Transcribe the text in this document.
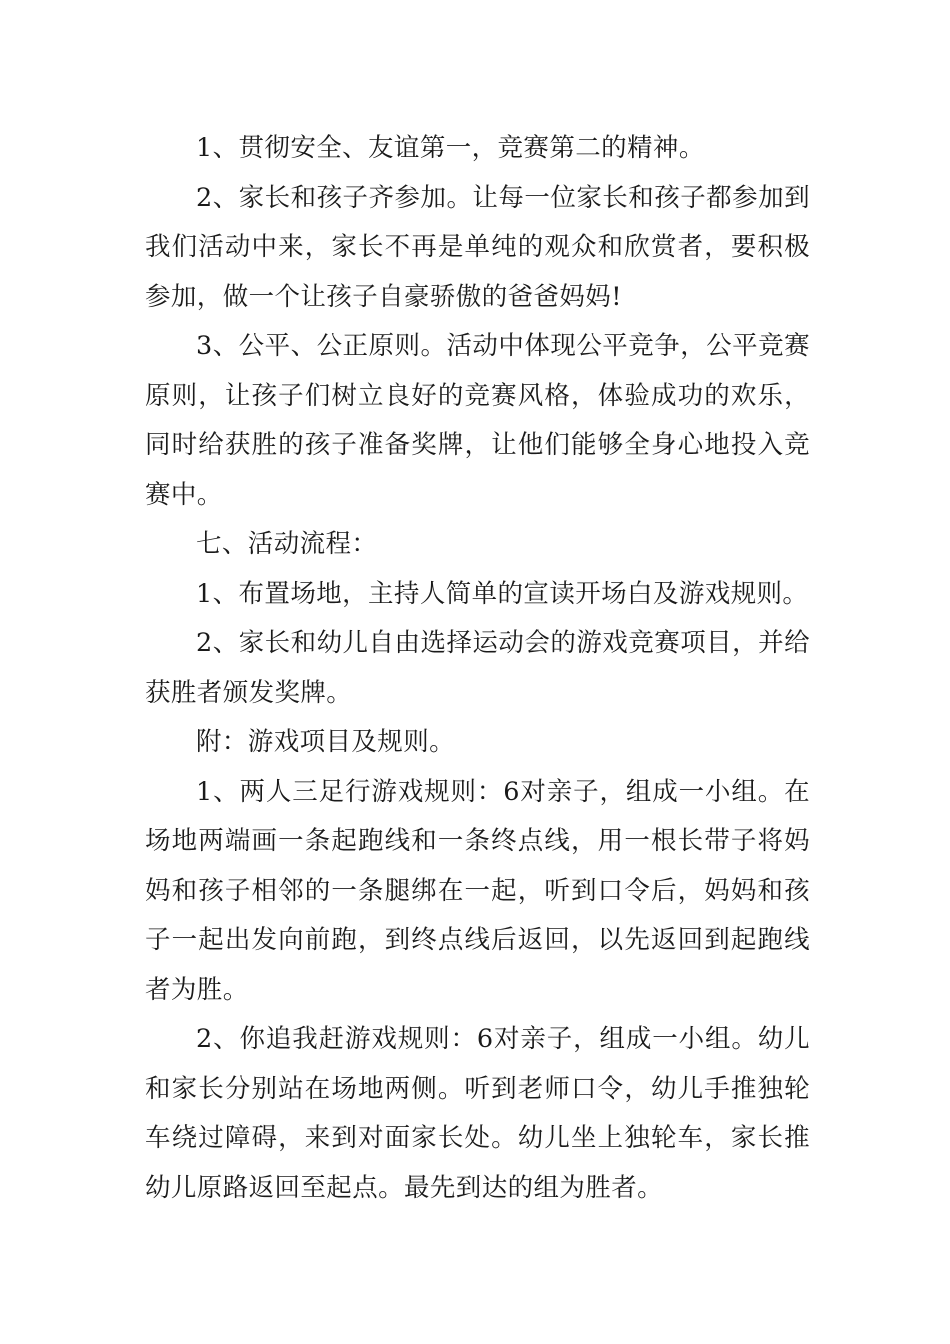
1、贯彻安全、友谊第一，竞赛第二的精神。

2、家长和孩子齐参加。让每一位家长和孩子都参加到我们活动中来，家长不再是单纯的观众和欣赏者，要积极参加，做一个让孩子自豪骄傲的爸爸妈妈!

3、公平、公正原则。活动中体现公平竞争，公平竞赛原则，让孩子们树立良好的竞赛风格，体验成功的欢乐，同时给获胜的孩子准备奖牌，让他们能够全身心地投入竞赛中。

七、活动流程：

1、布置场地，主持人简单的宣读开场白及游戏规则。

2、家长和幼儿自由选择运动会的游戏竞赛项目，并给获胜者颁发奖牌。

附：游戏项目及规则。

1、两人三足行游戏规则：6对亲子，组成一小组。在场地两端画一条起跑线和一条终点线，用一根长带子将妈妈和孩子相邻的一条腿绑在一起，听到口令后，妈妈和孩子一起出发向前跑，到终点线后返回，以先返回到起跑线者为胜。

2、你追我赶游戏规则：6对亲子，组成一小组。幼儿和家长分别站在场地两侧。听到老师口令，幼儿手推独轮车绕过障碍，来到对面家长处。幼儿坐上独轮车，家长推幼儿原路返回至起点。最先到达的组为胜者。
